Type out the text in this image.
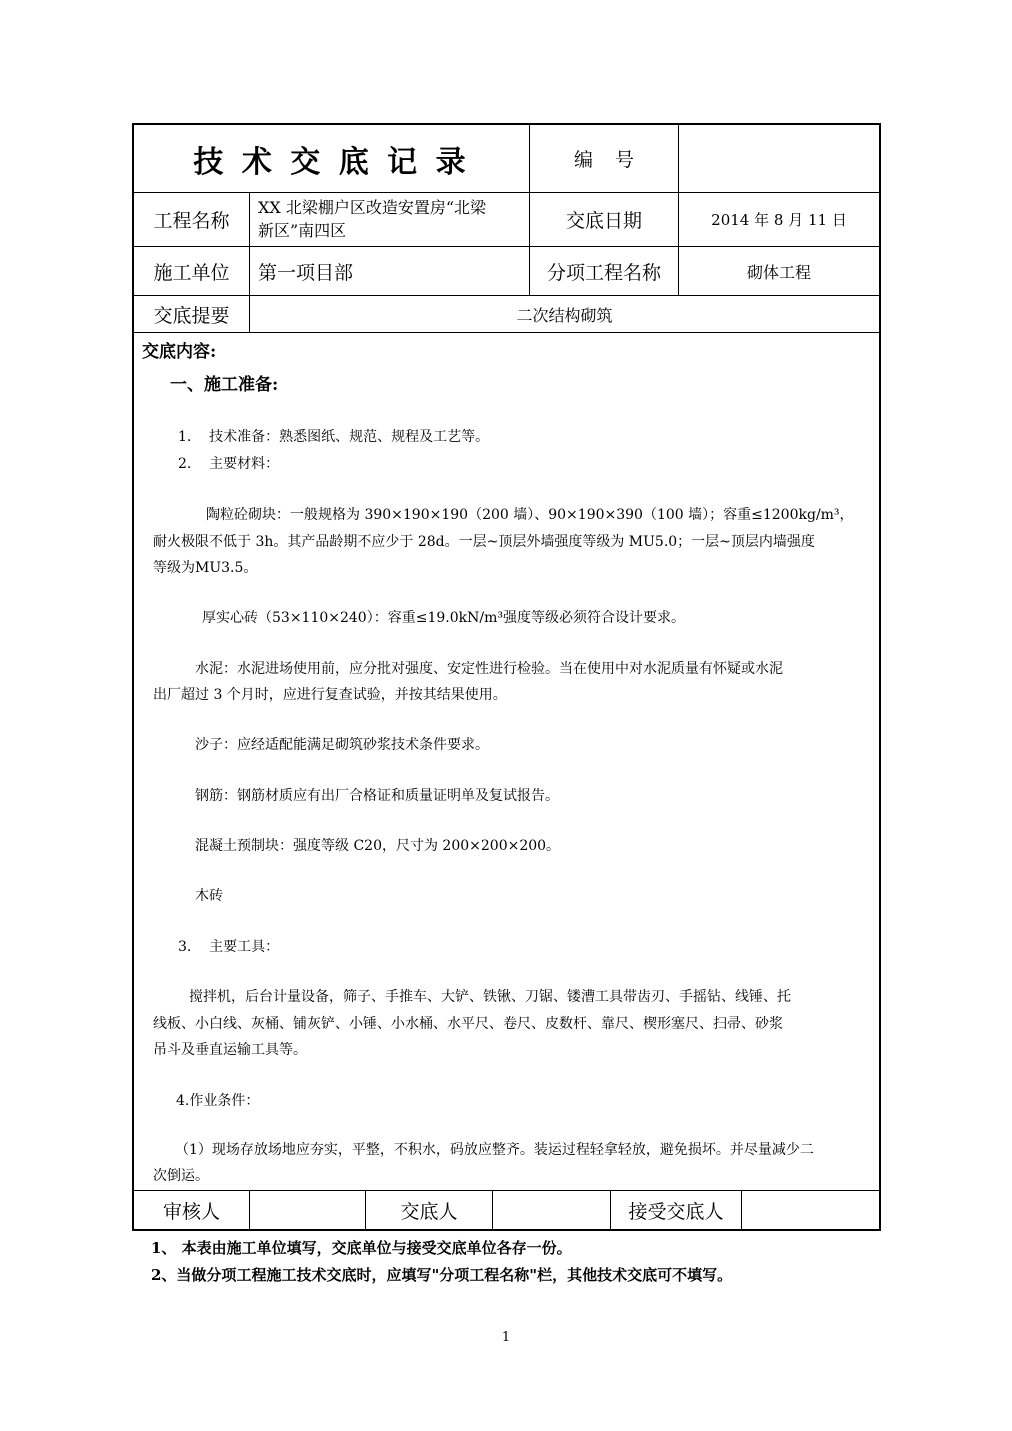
技 术 交 底 记 录	编 号
工程名称
XX 北梁棚户区改造安置房“北梁
新区”南四区	交底日期	2014 年 8 月 11 日
施工单位	第一项目部	分项工程名称	砌体工程
交底提要	二次结构砌筑
交底内容:
一、施工准备:
1.    技术准备：熟悉图纸、规范、规程及工艺等。
2.    主要材料：
陶粒砼砌块：一般规格为 390×190×190（200 墙）、90×190×390（100 墙）；容重≤1200kg/m³，
耐火极限不低于 3h。其产品龄期不应少于 28d。一层~顶层外墙强度等级为 MU5.0；一层~顶层内墙强度
等级为MU3.5。
厚实心砖（53×110×240）：容重≤19.0kN/m³强度等级必须符合设计要求。
水泥：水泥进场使用前，应分批对强度、安定性进行检验。当在使用中对水泥质量有怀疑或水泥
出厂超过 3 个月时，应进行复查试验，并按其结果使用。
沙子：应经适配能满足砌筑砂浆技术条件要求。
钢筋：钢筋材质应有出厂合格证和质量证明单及复试报告。
混凝土预制块：强度等级 C20，尺寸为 200×200×200。
木砖
3.    主要工具：
搅拌机，后台计量设备，筛子、手推车、大铲、铁锹、刀锯、镂漕工具带齿刃、手摇钻、线锤、托
线板、小白线、灰桶、铺灰铲、小锤、小水桶、水平尺、卷尺、皮数杆、靠尺、楔形塞尺、扫帚、砂浆
吊斗及垂直运输工具等。
4.作业条件：
（1）现场存放场地应夯实，平整，不积水，码放应整齐。装运过程轻拿轻放，避免损坏。并尽量减少二
次倒运。
审核人	交底人	接受交底人
1、 本表由施工单位填写，交底单位与接受交底单位各存一份。
2、当做分项工程施工技术交底时，应填写"分项工程名称"栏，其他技术交底可不填写。
1
